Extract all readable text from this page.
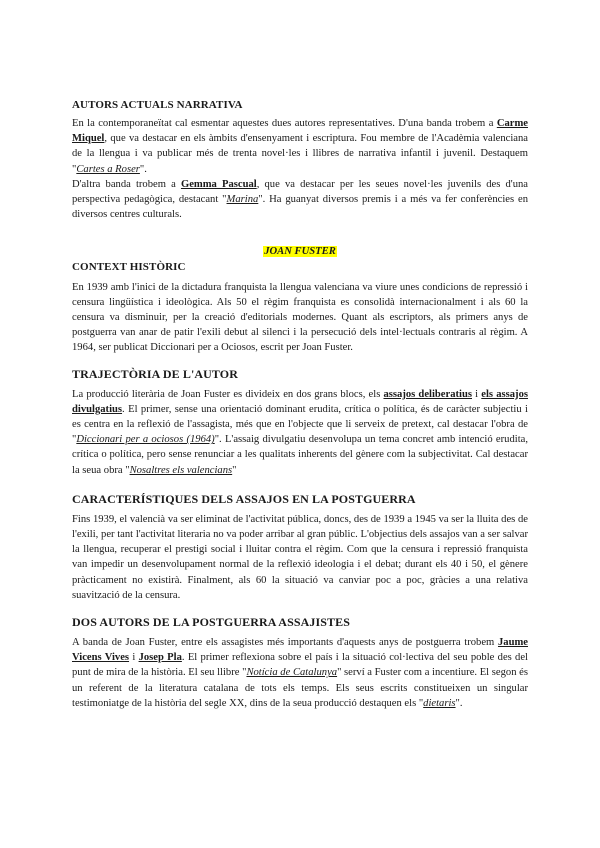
AUTORS ACTUALS NARRATIVA

En la contemporaneïtat cal esmentar aquestes dues autores representatives. D'una banda trobem a Carme Miquel, que va destacar en els àmbits d'ensenyament i escriptura. Fou membre de l'Acadèmia valenciana de la llengua i va publicar més de trenta novel·les i llibres de narrativa infantil i juvenil. Destaquem "Cartes a Roser".

D'altra banda trobem a Gemma Pascual, que va destacar per les seues novel·les juvenils des d'una perspectiva pedagògica, destacant "Marina". Ha guanyat diversos premis i a més va fer conferències en diversos centres culturals.

JOAN FUSTER

CONTEXT HISTÒRIC

En 1939 amb l'inici de la dictadura franquista la llengua valenciana va viure unes condicions de repressió i censura lingüística i ideològica. Als 50 el règim franquista es consolidà internacionalment i als 60 la censura va disminuir, per la creació d'editorials modernes. Quant als escriptors, als primers anys de postguerra van anar de patir l'exili debut al silenci i la persecució dels intel·lectuals contraris al règim. A 1964, ser publicat Diccionari per a Ociosos, escrit per Joan Fuster.

TRAJECTÒRIA DE L'AUTOR

La producció literària de Joan Fuster es divideix en dos grans blocs, els assajos deliberatius i els assajos divulgatius. El primer, sense una orientació dominant erudita, crítica o política, és de caràcter subjectiu i es centra en la reflexió de l'assagista, més que en l'objecte que li serveix de pretext, cal destacar l'obra de "Diccionari per a ociosos (1964)". L'assaig divulgatiu desenvolupa un tema concret amb intenció erudita, crítica o política, pero sense renunciar a les qualitats inherents del gènere com la subjectivitat. Cal destacar la seua obra "Nosaltres els valencians"

CARACTERÍSTIQUES DELS ASSAJOS EN LA POSTGUERRA

Fins 1939, el valencià va ser eliminat de l'activitat pública, doncs, des de 1939 a 1945 va ser la lluita des de l'exili, per tant l'activitat literaria no va poder arribar al gran públic. L'objectius dels assajos van a ser salvar la llengua, recuperar el prestigi social i lluitar contra el règim. Com que la censura i repressió franquista van impedir un desenvolupament normal de la reflexió ideologia i el debat; durant els 40 i 50, el gènere pràcticament no existirà. Finalment, als 60 la situació va canviar poc a poc, gràcies a una relativa suavització de la censura.

DOS AUTORS DE LA POSTGUERRA ASSAJISTES

A banda de Joan Fuster, entre els assagistes més importants d'aquests anys de postguerra trobem Jaume Vicens Vives i Josep Pla. El primer reflexiona sobre el país i la situació col·lectiva del seu poble des del punt de mira de la història. El seu llibre "Notícia de Catalunya" serví a Fuster com a incentiure. El segon és un referent de la literatura catalana de tots els temps. Els seus escrits constitueixen un singular testimoniatge de la història del segle XX, dins de la seua producció destaquen els "dietaris".
